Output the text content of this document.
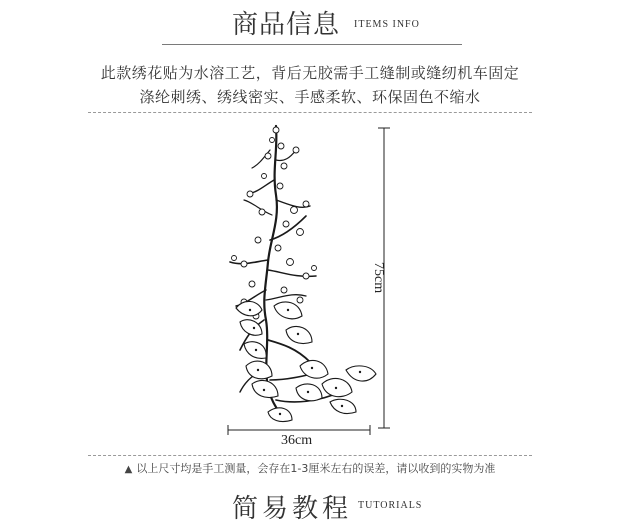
商品信息 ITEMS INFO
此款绣花贴为水溶工艺，背后无胶需手工缝制或缝纫机车固定
涤纶刺绣、绣线密实、手感柔软、环保固色不缩水
36cm
75cm
▲ 以上尺寸均是手工测量，会存在1-3厘米左右的误差，请以收到的实物为准
简易教程 TUTORIALS
